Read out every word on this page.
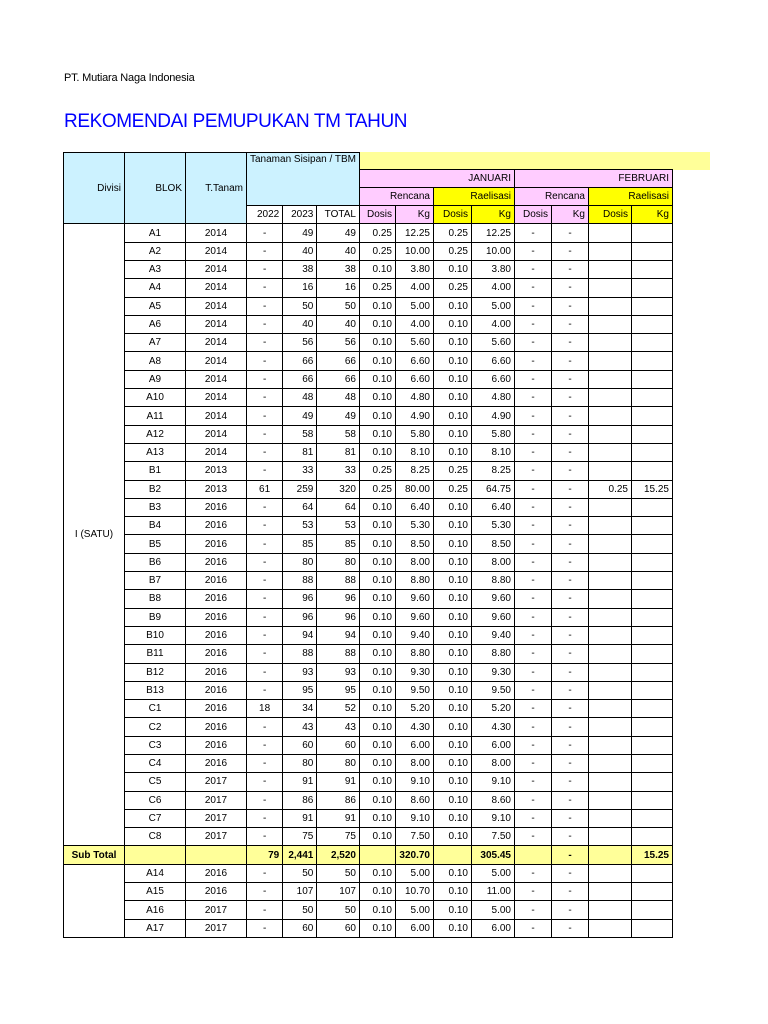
PT. Mutiara Naga Indonesia
REKOMENDAI PEMUPUKAN TM TAHUN
Divisi	BLOK	T.Tanam	Tanaman Sisipan / TBM										
						JANUARI				FEBRUARI			
						Rencana		Raelisasi		Rencana		Raelisasi	
			2022	2023	TOTAL	Dosis	Kg	Dosis	Kg	Dosis	Kg	Dosis	Kg
I (SATU)	A1	2014	-	49	49	0.25	12.25	0.25	12.25	-	-		
	A2	2014	-	40	40	0.25	10.00	0.25	10.00	-	-		
	A3	2014	-	38	38	0.10	3.80	0.10	3.80	-	-		
	A4	2014	-	16	16	0.25	4.00	0.25	4.00	-	-		
	A5	2014	-	50	50	0.10	5.00	0.10	5.00	-	-		
	A6	2014	-	40	40	0.10	4.00	0.10	4.00	-	-		
	A7	2014	-	56	56	0.10	5.60	0.10	5.60	-	-		
	A8	2014	-	66	66	0.10	6.60	0.10	6.60	-	-		
	A9	2014	-	66	66	0.10	6.60	0.10	6.60	-	-		
	A10	2014	-	48	48	0.10	4.80	0.10	4.80	-	-		
	A11	2014	-	49	49	0.10	4.90	0.10	4.90	-	-		
	A12	2014	-	58	58	0.10	5.80	0.10	5.80	-	-		
	A13	2014	-	81	81	0.10	8.10	0.10	8.10	-	-		
	B1	2013	-	33	33	0.25	8.25	0.25	8.25	-	-		
	B2	2013	61	259	320	0.25	80.00	0.25	64.75	-	-	0.25	15.25
	B3	2016	-	64	64	0.10	6.40	0.10	6.40	-	-		
	B4	2016	-	53	53	0.10	5.30	0.10	5.30	-	-		
	B5	2016	-	85	85	0.10	8.50	0.10	8.50	-	-		
	B6	2016	-	80	80	0.10	8.00	0.10	8.00	-	-		
	B7	2016	-	88	88	0.10	8.80	0.10	8.80	-	-		
	B8	2016	-	96	96	0.10	9.60	0.10	9.60	-	-		
	B9	2016	-	96	96	0.10	9.60	0.10	9.60	-	-		
	B10	2016	-	94	94	0.10	9.40	0.10	9.40	-	-		
	B11	2016	-	88	88	0.10	8.80	0.10	8.80	-	-		
	B12	2016	-	93	93	0.10	9.30	0.10	9.30	-	-		
	B13	2016	-	95	95	0.10	9.50	0.10	9.50	-	-		
	C1	2016	18	34	52	0.10	5.20	0.10	5.20	-	-		
	C2	2016	-	43	43	0.10	4.30	0.10	4.30	-	-		
	C3	2016	-	60	60	0.10	6.00	0.10	6.00	-	-		
	C4	2016	-	80	80	0.10	8.00	0.10	8.00	-	-		
	C5	2017	-	91	91	0.10	9.10	0.10	9.10	-	-		
	C6	2017	-	86	86	0.10	8.60	0.10	8.60	-	-		
	C7	2017	-	91	91	0.10	9.10	0.10	9.10	-	-		
	C8	2017	-	75	75	0.10	7.50	0.10	7.50	-	-		
Sub Total			79	2,441	2,520		320.70		305.45		-		15.25
	A14	2016	-	50	50	0.10	5.00	0.10	5.00	-	-		
	A15	2016	-	107	107	0.10	10.70	0.10	11.00	-	-		
	A16	2017	-	50	50	0.10	5.00	0.10	5.00	-	-		
	A17	2017	-	60	60	0.10	6.00	0.10	6.00	-	-		
